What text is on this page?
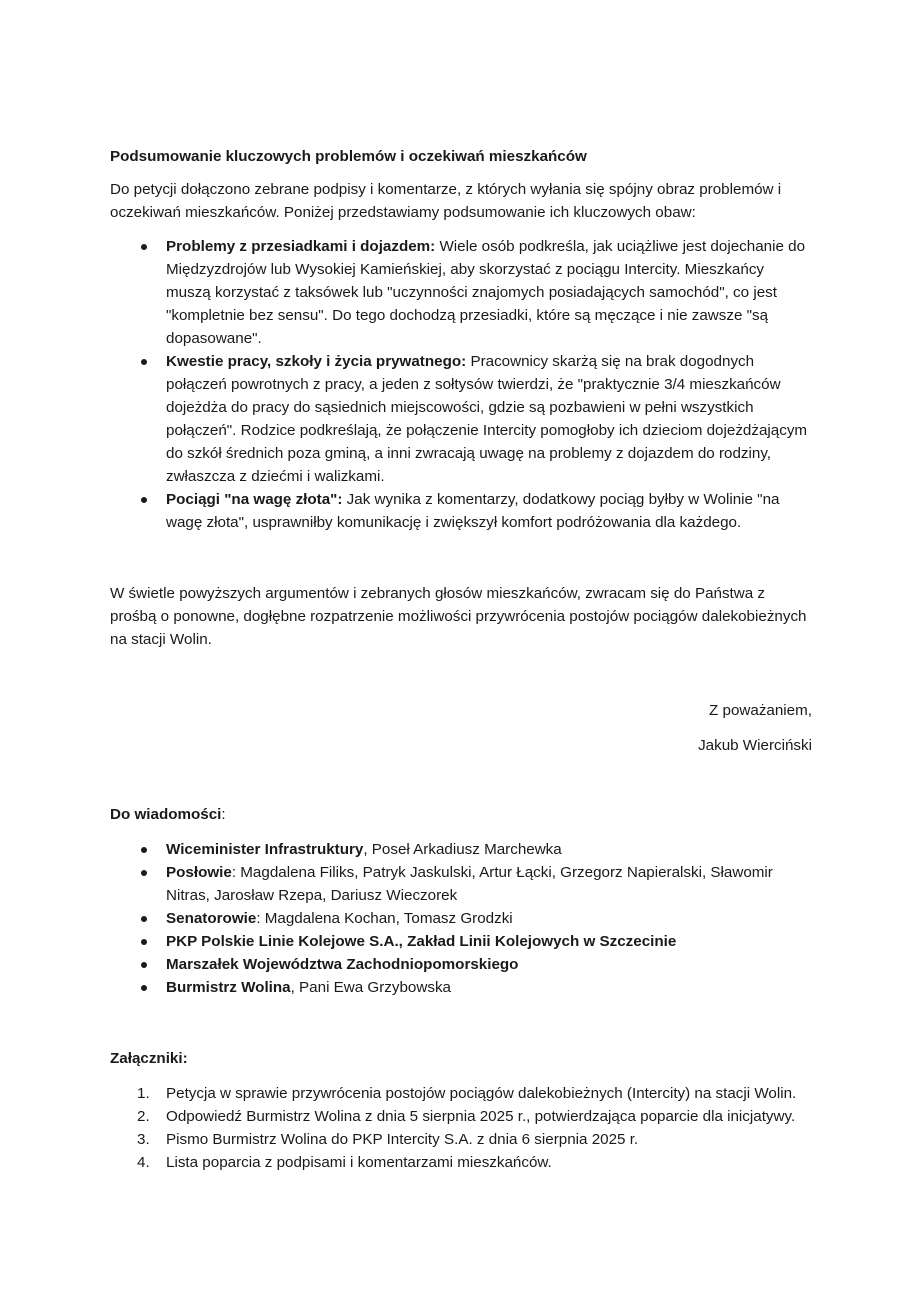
Podsumowanie kluczowych problemów i oczekiwań mieszkańców

Do petycji dołączono zebrane podpisy i komentarze, z których wyłania się spójny obraz problemów i oczekiwań mieszkańców. Poniżej przedstawiamy podsumowanie ich kluczowych obaw:

Problemy z przesiadkami i dojazdem: Wiele osób podkreśla, jak uciążliwe jest dojechanie do Międzyzdrojów lub Wysokiej Kamieńskiej, aby skorzystać z pociągu Intercity. Mieszkańcy muszą korzystać z taksówek lub "uczynności znajomych posiadających samochód", co jest "kompletnie bez sensu". Do tego dochodzą przesiadki, które są męczące i nie zawsze "są dopasowane".
Kwestie pracy, szkoły i życia prywatnego: Pracownicy skarżą się na brak dogodnych połączeń powrotnych z pracy, a jeden z sołtysów twierdzi, że "praktycznie 3/4 mieszkańców dojeżdża do pracy do sąsiednich miejscowości, gdzie są pozbawieni w pełni wszystkich połączeń". Rodzice podkreślają, że połączenie Intercity pomogłoby ich dzieciom dojeżdżającym do szkół średnich poza gminą, a inni zwracają uwagę na problemy z dojazdem do rodziny, zwłaszcza z dziećmi i walizkami.
Pociągi "na wagę złota": Jak wynika z komentarzy, dodatkowy pociąg byłby w Wolinie "na wagę złota", usprawniłby komunikację i zwiększył komfort podróżowania dla każdego.

W świetle powyższych argumentów i zebranych głosów mieszkańców, zwracam się do Państwa z prośbą o ponowne, dogłębne rozpatrzenie możliwości przywrócenia postojów pociągów dalekobieżnych na stacji Wolin.

Z poważaniem,

Jakub Wierciński

Do wiadomości:

Wiceminister Infrastruktury, Poseł Arkadiusz Marchewka
Posłowie: Magdalena Filiks, Patryk Jaskulski, Artur Łącki, Grzegorz Napieralski, Sławomir Nitras, Jarosław Rzepa, Dariusz Wieczorek
Senatorowie: Magdalena Kochan, Tomasz Grodzki
PKP Polskie Linie Kolejowe S.A., Zakład Linii Kolejowych w Szczecinie
Marszałek Województwa Zachodniopomorskiego
Burmistrz Wolina, Pani Ewa Grzybowska

Załączniki:

1. Petycja w sprawie przywrócenia postojów pociągów dalekobieżnych (Intercity) na stacji Wolin.
2. Odpowiedź Burmistrz Wolina z dnia 5 sierpnia 2025 r., potwierdzająca poparcie dla inicjatywy.
3. Pismo Burmistrz Wolina do PKP Intercity S.A. z dnia 6 sierpnia 2025 r.
4. Lista poparcia z podpisami i komentarzami mieszkańców.
